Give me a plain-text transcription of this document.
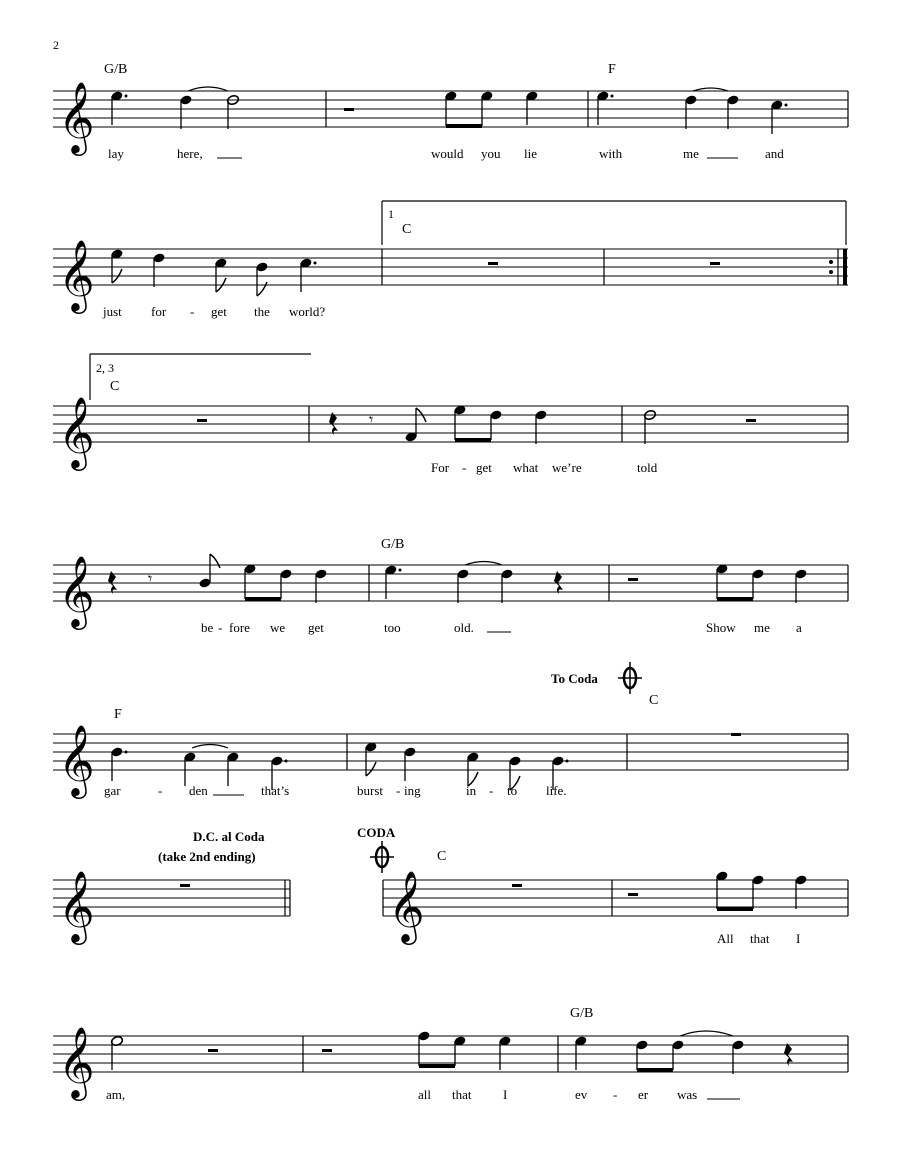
2
𝄞
G/B	F
lay	here,	would you lie	with	me	and
𝄞
1
C
just for - get the world?
𝄞	𝄾
2, 3
C
For - get what we’re	told
𝄞	𝄾
G/B
be - fore we get	too	old.	Show me a
𝄞
To Coda
F
C
gar	- den	that’s	burst - ing	in - to life.
𝄞	𝄞
D.C. al Coda
(take 2nd ending)
CODA
C
All that I
𝄞
G/B
am,	all that I	ev - er was
